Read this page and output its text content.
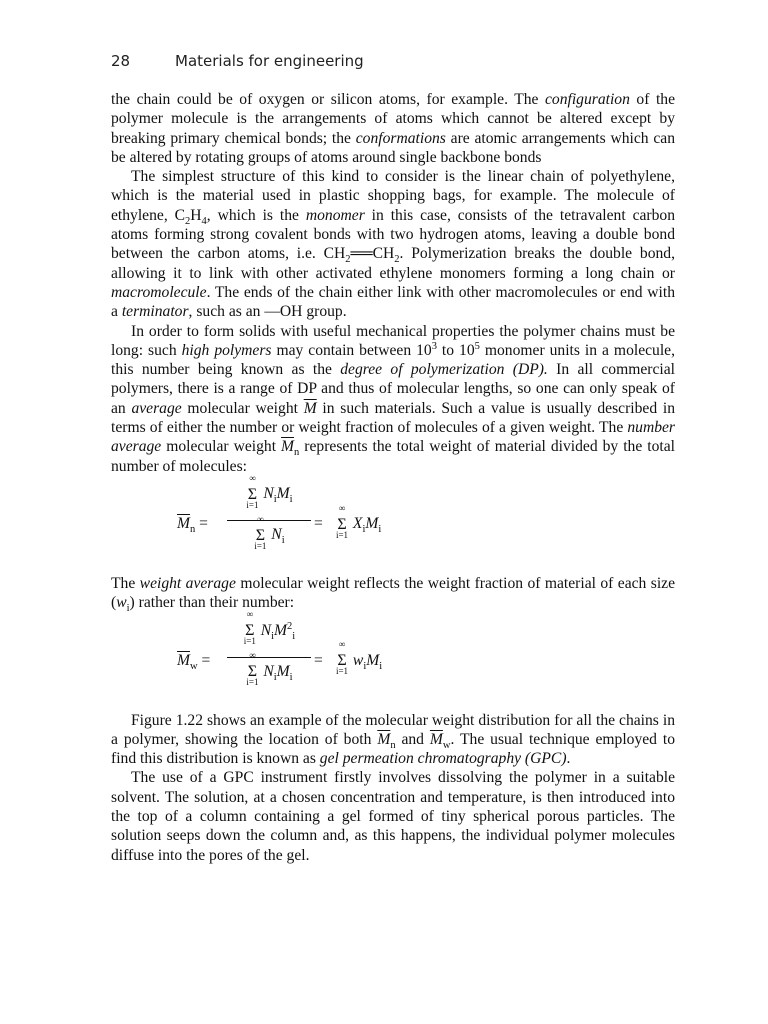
28	Materials for engineering

the chain could be of oxygen or silicon atoms, for example. The configuration of the polymer molecule is the arrangements of atoms which cannot be altered except by breaking primary chemical bonds; the conformations are atomic arrangements which can be altered by rotating groups of atoms around single backbone bonds

The simplest structure of this kind to consider is the linear chain of polyethylene, which is the material used in plastic shopping bags, for example. The molecule of ethylene, $C_2H_4$, which is the monomer in this case, consists of the tetravalent carbon atoms forming strong covalent bonds with two hydrogen atoms, leaving a double bond between the carbon atoms, i.e. $CH_2══CH_2$. Polymerization breaks the double bond, allowing it to link with other activated ethylene monomers forming a long chain or macromolecule. The ends of the chain either link with other macromolecules or end with a terminator, such as an —OH group.

In order to form solids with useful mechanical properties the polymer chains must be long: such high polymers may contain between $10^3$ to $10^5$ monomer units in a molecule, this number being known as the degree of polymerization (DP). In all commercial polymers, there is a range of DP and thus of molecular lengths, so one can only speak of an average molecular weight $\overline{M}$ in such materials. Such a value is usually described in terms of either the number or weight fraction of molecules of a given weight. The number average molecular weight $\overline{M}_n$ represents the total weight of material divided by the total number of molecules:

$\overline{M}_n$ =
∞
Σ
i=1
$N_iM_i$
∞
Σ
i=1
$N_i$
=
∞
Σ
i=1
$X_iM_i$

The weight average molecular weight reflects the weight fraction of material of each size $(w_i)$ rather than their number:

$\overline{M}_w$ =
∞
Σ
i=1
$N_iM^2_i$
∞
Σ
i=1
$N_iM_i$
=
∞
Σ
i=1
$w_iM_i$

Figure 1.22 shows an example of the molecular weight distribution for all the chains in a polymer, showing the location of both $\overline{M}_n$ and $\overline{M}_w$. The usual technique employed to find this distribution is known as gel permeation chromatography (GPC).

The use of a GPC instrument firstly involves dissolving the polymer in a suitable solvent. The solution, at a chosen concentration and temperature, is then introduced into the top of a column containing a gel formed of tiny spherical porous particles. The solution seeps down the column and, as this happens, the individual polymer molecules diffuse into the pores of the gel.
